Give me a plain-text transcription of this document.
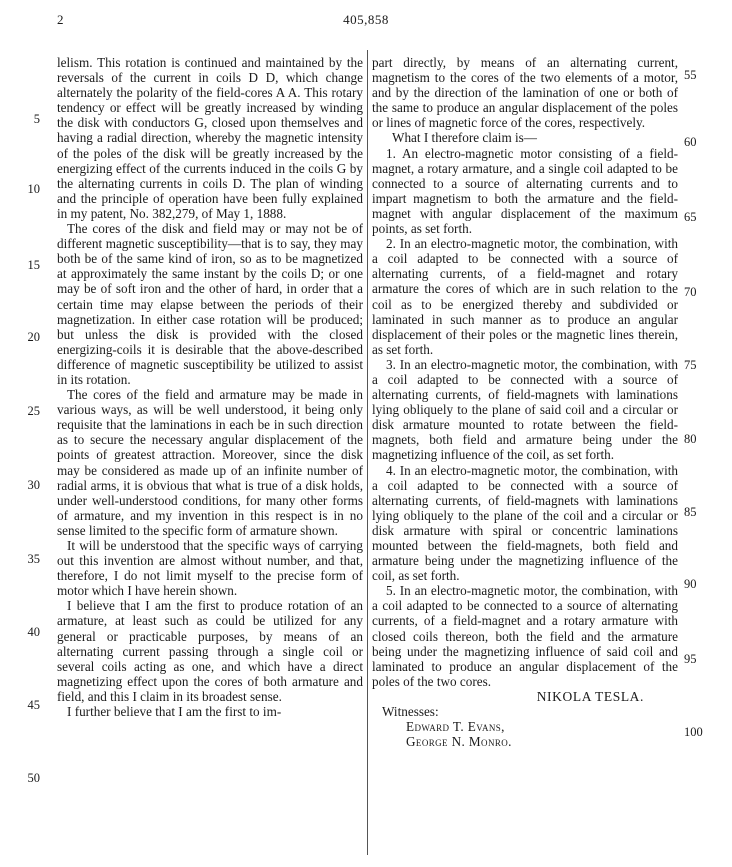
2	405,858
5
10
15
20
25
30
35
40
45
50
55
60
65
70
75
80
85
90
95
100

lelism. This rotation is continued and maintained by the reversals of the current in coils D D, which change alternately the polarity of the field-cores A A. This rotary tendency or effect will be greatly increased by winding the disk with conductors G, closed upon themselves and having a radial direction, whereby the magnetic intensity of the poles of the disk will be greatly increased by the energizing effect of the currents induced in the coils G by the alternating currents in coils D. The plan of winding and the principle of operation have been fully explained in my patent, No. 382,279, of May 1, 1888.

The cores of the disk and field may or may not be of different magnetic susceptibility—that is to say, they may both be of the same kind of iron, so as to be magnetized at approximately the same instant by the coils D; or one may be of soft iron and the other of hard, in order that a certain time may elapse between the periods of their magnetization. In either case rotation will be produced; but unless the disk is provided with the closed energizing-coils it is desirable that the above-described difference of magnetic susceptibility be utilized to assist in its rotation.

The cores of the field and armature may be made in various ways, as will be well understood, it being only requisite that the laminations in each be in such direction as to secure the necessary angular displacement of the points of greatest attraction. Moreover, since the disk may be considered as made up of an infinite number of radial arms, it is obvious that what is true of a disk holds, under well-understood conditions, for many other forms of armature, and my invention in this respect is in no sense limited to the specific form of armature shown.

It will be understood that the specific ways of carrying out this invention are almost without number, and that, therefore, I do not limit myself to the precise form of motor which I have herein shown.

I believe that I am the first to produce rotation of an armature, at least such as could be utilized for any general or practicable purposes, by means of an alternating current passing through a single coil or several coils acting as one, and which have a direct magnetizing effect upon the cores of both armature and field, and this I claim in its broadest sense.

I further believe that I am the first to im-

part directly, by means of an alternating current, magnetism to the cores of the two elements of a motor, and by the direction of the lamination of one or both of the same to produce an angular displacement of the poles or lines of magnetic force of the cores, respectively.

What I therefore claim is—

1. An electro-magnetic motor consisting of a field-magnet, a rotary armature, and a single coil adapted to be connected to a source of alternating currents and to impart magnetism to both the armature and the field-magnet with angular displacement of the maximum points, as set forth.

2. In an electro-magnetic motor, the combination, with a coil adapted to be connected with a source of alternating currents, of a field-magnet and rotary armature the cores of which are in such relation to the coil as to be energized thereby and subdivided or laminated in such manner as to produce an angular displacement of their poles or the magnetic lines therein, as set forth.

3. In an electro-magnetic motor, the combination, with a coil adapted to be connected with a source of alternating currents, of field-magnets with laminations lying obliquely to the plane of said coil and a circular or disk armature mounted to rotate between the field-magnets, both field and armature being under the magnetizing influence of the coil, as set forth.

4. In an electro-magnetic motor, the combination, with a coil adapted to be connected with a source of alternating currents, of field-magnets with laminations lying obliquely to the plane of the coil and a circular or disk armature with spiral or concentric laminations mounted between the field-magnets, both field and armature being under the magnetizing influence of the coil, as set forth.

5. In an electro-magnetic motor, the combination, with a coil adapted to be connected to a source of alternating currents, of a field-magnet and a rotary armature with closed coils thereon, both the field and the armature being under the magnetizing influence of said coil and laminated to produce an angular displacement of the poles of the two cores.

NIKOLA TESLA.
Witnesses:
Edward T. Evans,
George N. Monro.
